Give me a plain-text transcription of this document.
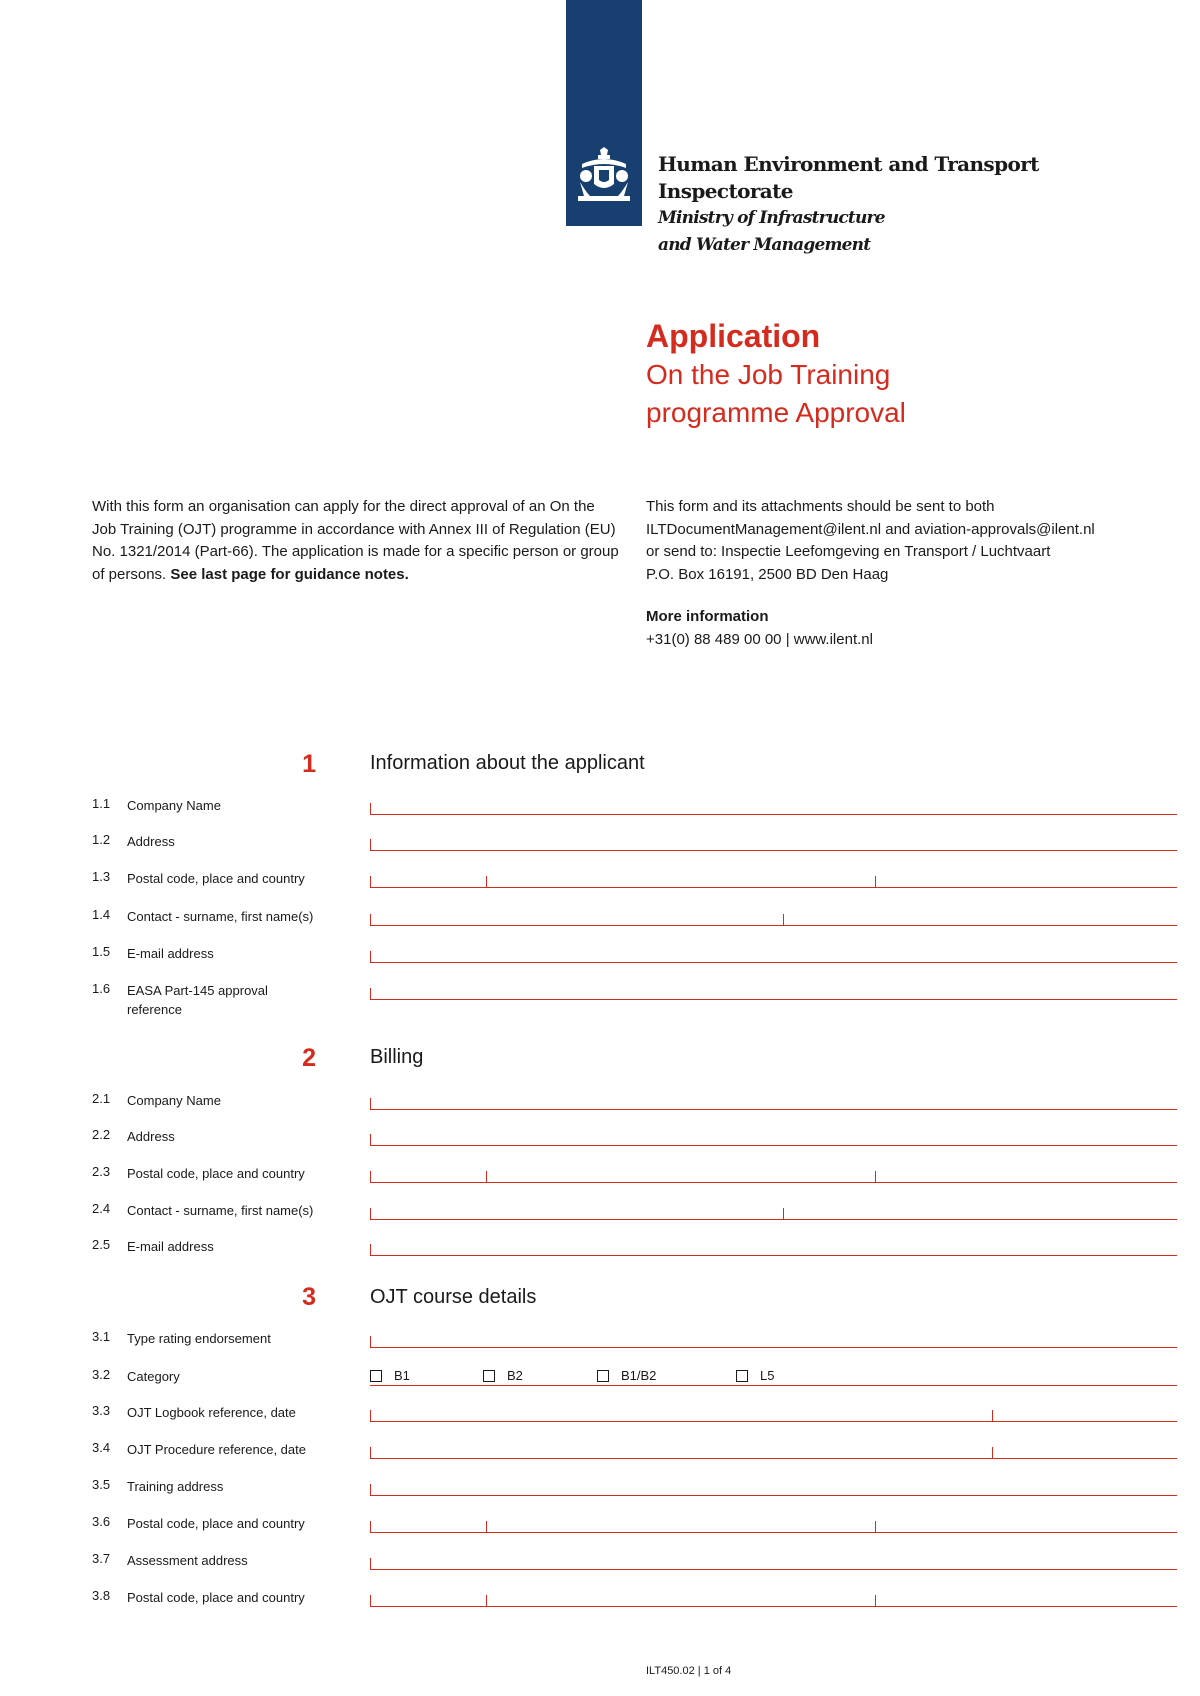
Human Environment and Transport
Inspectorate
Ministry of Infrastructure
and Water Management
Application
On the Job Training
programme Approval
With this form an organisation can apply for the direct approval of an On the Job Training (OJT) programme in accordance with Annex III of Regulation (EU) No. 1321/2014 (Part-66). The application is made for a specific person or group of persons. See last page for guidance notes.
This form and its attachments should be sent to both
ILTDocumentManagement@ilent.nl and aviation-approvals@ilent.nl
or send to: Inspectie Leefomgeving en Transport / Luchtvaart
P.O. Box 16191, 2500 BD Den Haag
More information
+31(0) 88 489 00 00 | www.ilent.nl
1	Information about the applicant
1.1 Company Name
1.2 Address
1.3 Postal code, place and country
1.4 Contact - surname, first name(s)
1.5 E-mail address
1.6 EASA Part-145 approval reference
2	Billing
2.1 Company Name
2.2 Address
2.3 Postal code, place and country
2.4 Contact - surname, first name(s)
2.5 E-mail address
3	OJT course details
3.1 Type rating endorsement
3.2 Category	B1	B2	B1/B2	L5
3.3 OJT Logbook reference, date
3.4 OJT Procedure reference, date
3.5 Training address
3.6 Postal code, place and country
3.7 Assessment address
3.8 Postal code, place and country
ILT450.02 | 1 of 4
